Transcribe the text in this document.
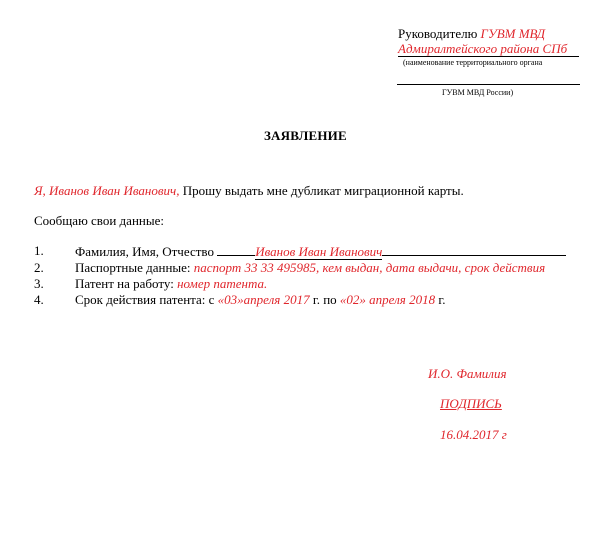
Руководителю ГУВМ МВД
Адмиралтейского района СПб
(наименование территориального органа
ГУВМ МВД России)
ЗАЯВЛЕНИЕ
Я, Иванов Иван Иванович, Прошу выдать мне дубликат миграционной карты.
Сообщаю свои данные:
1. Фамилия, Имя, Отчество	Иванов Иван Иванович
2. Паспортные данные: паспорт 33 33 495985, кем выдан, дата выдачи, срок действия
3. Патент на работу: номер патента.
4. Срок действия патента: с «03»апреля 2017 г. по «02» апреля 2018 г.
И.О. Фамилия
ПОДПИСЬ
16.04.2017 г
